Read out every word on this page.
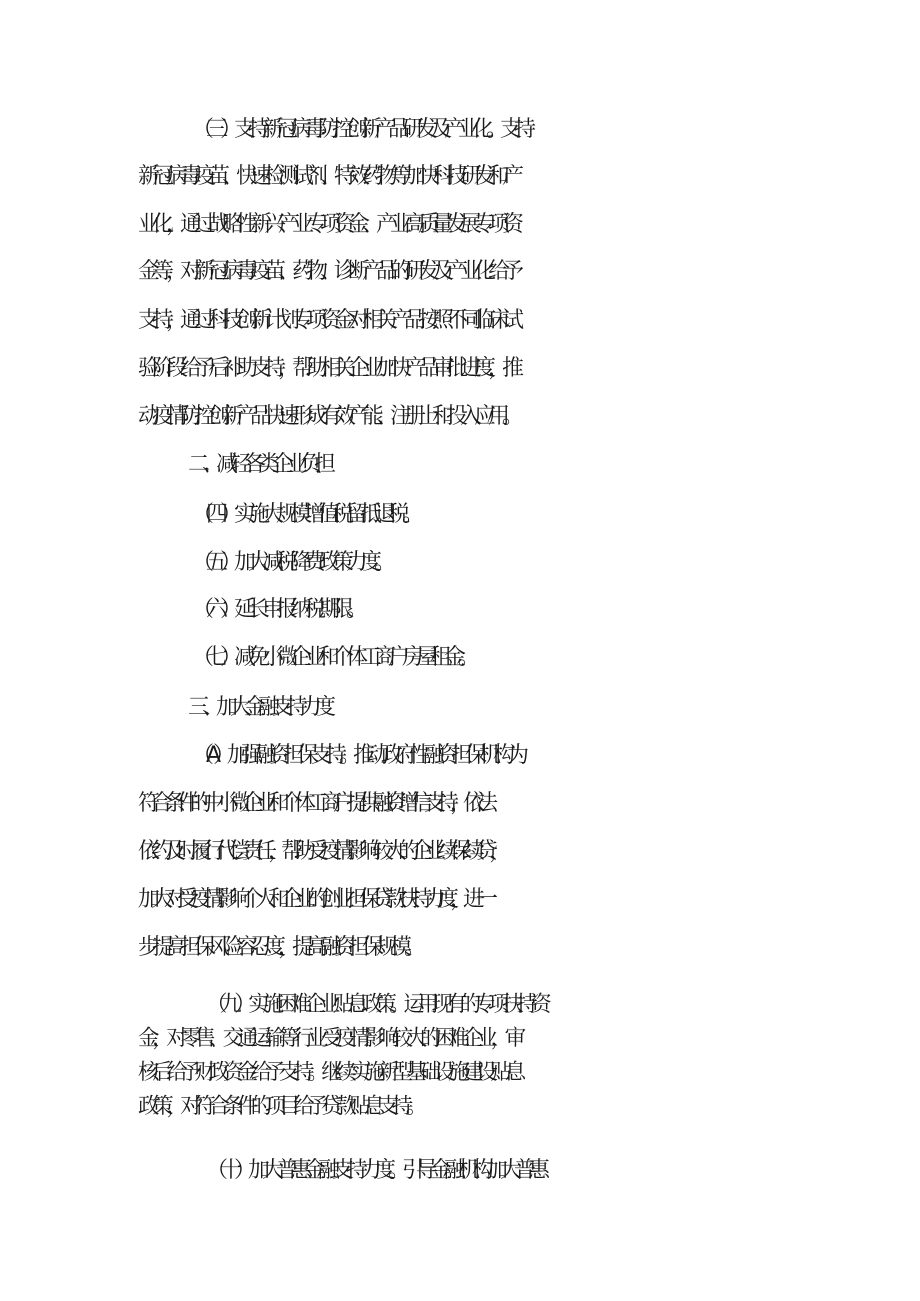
（三）支持新冠病毒防控创新产品研发及产业化。支持
新冠病毒疫苗、快速检测试剂、特效药物等加快科技研发和产
业化，通过战略性新兴产业专项资金、产业高质量发展专项资
金等，对新冠病毒疫苗、药物、诊断产品的研发及产业化给予
支持，通过科技创新计划专项资金对相关产品按照不同临床试
验阶段给予后补助支持，帮助相关企业加快产品审批进度，推
动疫情防控创新产品快速形成有效产能、注册上和投入应用。
二、减轻各类企业负担
（四）实施大规模增值税留抵退税。
（五）加大减税降费政策力度。
（六）延长申报纳税期限。
（七）减免小微企业和个体工商户房屋租金。
三、加大金融支持力度
（A）加强融资担保支持。推动政府性融资担保机构为
符合条件的中小微企业和个体工商户提供融资增信支持，依法
依约及时履行代偿责任，帮助受疫情影响较大的企业续保续贷，
加大对受疫情影响个人和企业的创业担保贷款扶持力度，进一
步提高担保风险容忍度，提高融资担保规模。
（九）实施困难企业贴息政策。运用现有的专项扶持资
金，对零售、交通运输等行业受疫情影响较大的困难企业，审
核后给予财政资金给予支持。继续实施新型基础设施建设贴息
政策，对符合条件的项目给予贷款贴息支持。
（十）加大普惠金融支持力度。引导金融机构加大普惠
